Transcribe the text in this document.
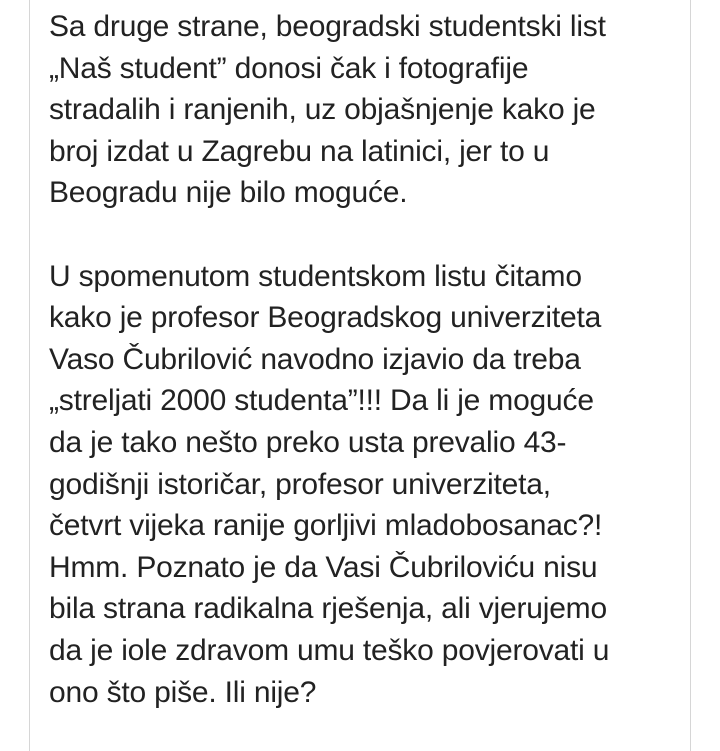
Sa druge strane, beogradski studentski list
„Naš student” donosi čak i fotografije
stradalih i ranjenih, uz objašnjenje kako je
broj izdat u Zagrebu na latinici, jer to u
Beogradu nije bilo moguće.

U spomenutom studentskom listu čitamo
kako je profesor Beogradskog univerziteta
Vaso Čubrilović navodno izjavio da treba
„streljati 2000 studenta”!!! Da li je moguće
da je tako nešto preko usta prevalio 43-
godišnji istoričar, profesor univerziteta,
četvrt vijeka ranije gorljivi mladobosanac?!
Hmm. Poznato je da Vasi Čubriloviću nisu
bila strana radikalna rješenja, ali vjerujemo
da je iole zdravom umu teško povjerovati u
ono što piše. Ili nije?
